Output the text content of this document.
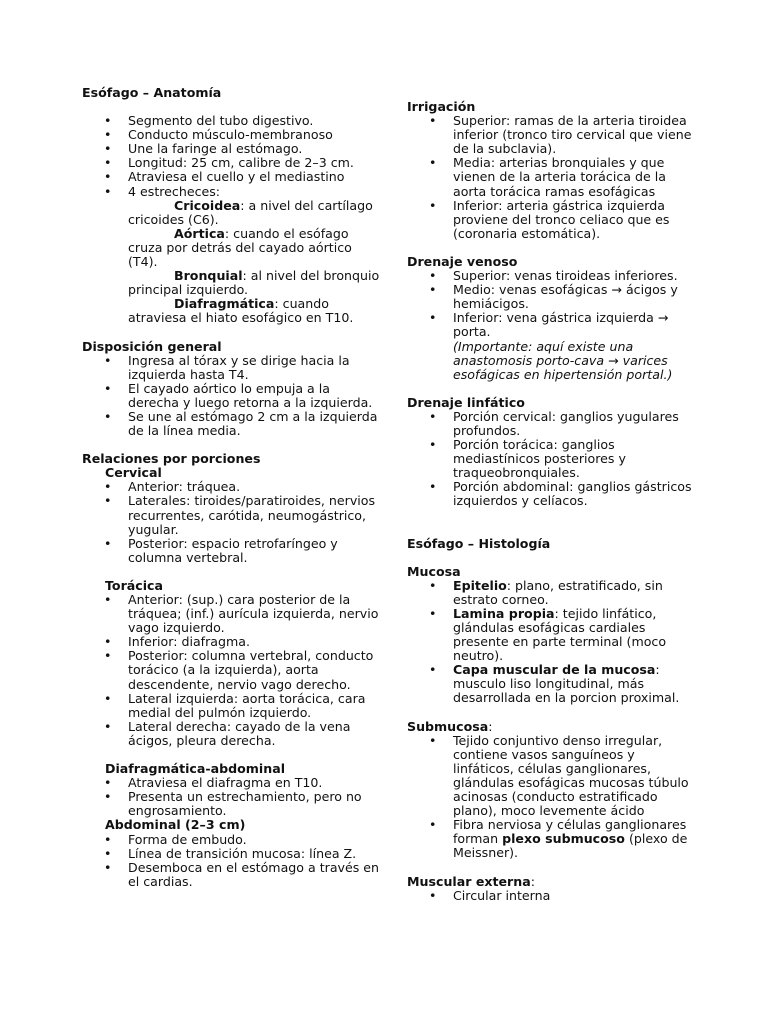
Esófago – Anatomía
• Segmento del tubo digestivo.
• Conducto músculo-membranoso
• Une la faringe al estómago.
• Longitud: 25 cm, calibre de 2–3 cm.
• Atraviesa el cuello y el mediastino
• 4 estrecheces:
Cricoidea: a nivel del cartílago cricoides (C6).
Aórtica: cuando el esófago cruza por detrás del cayado aórtico (T4).
Bronquial: al nivel del bronquio principal izquierdo.
Diafragmática: cuando atraviesa el hiato esofágico en T10.
Disposición general
• Ingresa al tórax y se dirige hacia la izquierda hasta T4.
• El cayado aórtico lo empuja a la derecha y luego retorna a la izquierda.
• Se une al estómago 2 cm a la izquierda de la línea media.
Relaciones por porciones
Cervical
• Anterior: tráquea.
• Laterales: tiroides/paratiroides, nervios recurrentes, carótida, neumogástrico, yugular.
• Posterior: espacio retrofaríngeo y columna vertebral.
Torácica
• Anterior: (sup.) cara posterior de la tráquea; (inf.) aurícula izquierda, nervio vago izquierdo.
• Inferior: diafragma.
• Posterior: columna vertebral, conducto torácico (a la izquierda), aorta descendente, nervio vago derecho.
• Lateral izquierda: aorta torácica, cara medial del pulmón izquierdo.
• Lateral derecha: cayado de la vena ácigos, pleura derecha.
Diafragmática-abdominal
• Atraviesa el diafragma en T10.
• Presenta un estrechamiento, pero no engrosamiento.
Abdominal (2–3 cm)
• Forma de embudo.
• Línea de transición mucosa: línea Z.
• Desemboca en el estómago a través en el cardias.
Irrigación
• Superior: ramas de la arteria tiroidea inferior (tronco tiro cervical que viene de la subclavia).
• Media: arterias bronquiales y que vienen de la arteria torácica de la aorta torácica ramas esofágicas
• Inferior: arteria gástrica izquierda proviene del tronco celiaco que es (coronaria estomática).
Drenaje venoso
• Superior: venas tiroideas inferiores.
• Medio: venas esofágicas → ácigos y hemiácigos.
• Inferior: vena gástrica izquierda → porta.
(Importante: aquí existe una anastomosis porto-cava → varices esofágicas en hipertensión portal.)
Drenaje linfático
• Porción cervical: ganglios yugulares profundos.
• Porción torácica: ganglios mediastínicos posteriores y traqueobronquiales.
• Porción abdominal: ganglios gástricos izquierdos y celíacos.
Esófago – Histología
Mucosa
• Epitelio: plano, estratificado, sin estrato corneo.
• Lamina propia: tejido linfático, glándulas esofágicas cardiales presente en parte terminal (moco neutro).
• Capa muscular de la mucosa: musculo liso longitudinal, más desarrollada en la porcion proximal.
Submucosa:
• Tejido conjuntivo denso irregular, contiene vasos sanguíneos y linfáticos, células ganglionares, glándulas esofágicas mucosas túbulo acinosas (conducto estratificado plano), moco levemente ácido
• Fibra nerviosa y células ganglionares forman plexo submucoso (plexo de Meissner).
Muscular externa:
• Circular interna
